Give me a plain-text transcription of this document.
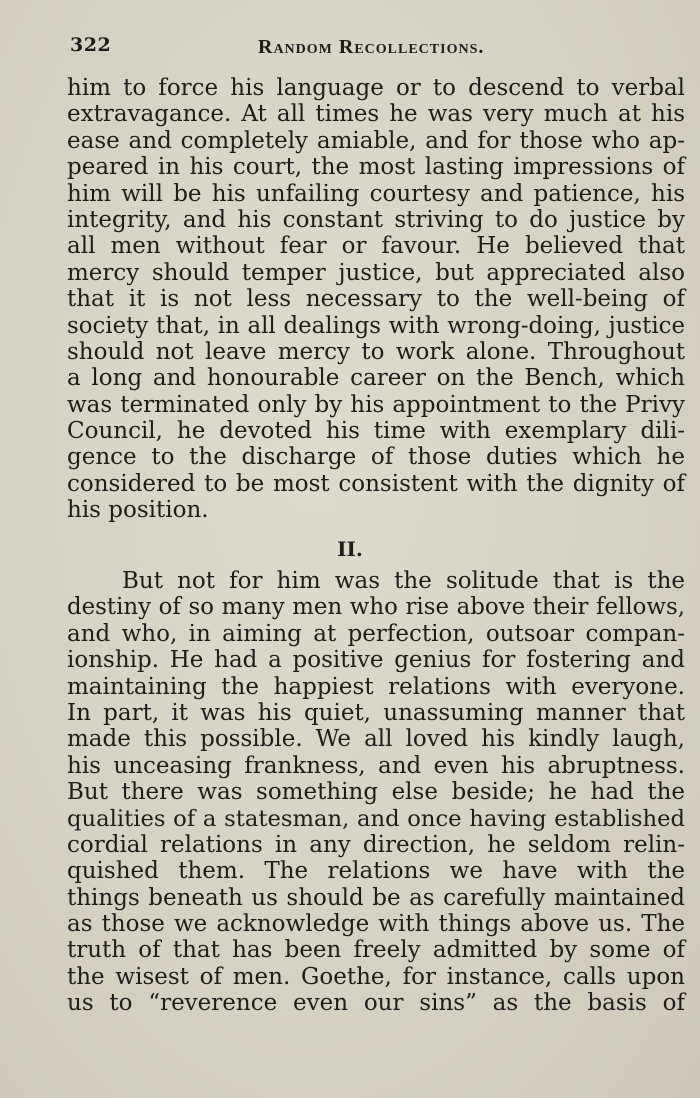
322	Random Recollections.
him to force his language or to descend to verbal
extravagance. At all times he was very much at his
ease and completely amiable, and for those who ap-
peared in his court, the most lasting impressions of
him will be his unfailing courtesy and patience, his
integrity, and his constant striving to do justice by
all men without fear or favour. He believed that
mercy should temper justice, but appreciated also
that it is not less necessary to the well-being of
society that, in all dealings with wrong-doing, justice
should not leave mercy to work alone. Throughout
a long and honourable career on the Bench, which
was terminated only by his appointment to the Privy
Council, he devoted his time with exemplary dili-
gence to the discharge of those duties which he
considered to be most consistent with the dignity of
his position.
II.
But not for him was the solitude that is the
destiny of so many men who rise above their fellows,
and who, in aiming at perfection, outsoar compan-
ionship. He had a positive genius for fostering and
maintaining the happiest relations with everyone.
In part, it was his quiet, unassuming manner that
made this possible. We all loved his kindly laugh,
his unceasing frankness, and even his abruptness.
But there was something else beside; he had the
qualities of a statesman, and once having established
cordial relations in any direction, he seldom relin-
quished them. The relations we have with the
things beneath us should be as carefully maintained
as those we acknowledge with things above us. The
truth of that has been freely admitted by some of
the wisest of men. Goethe, for instance, calls upon
us to “reverence even our sins” as the basis of
